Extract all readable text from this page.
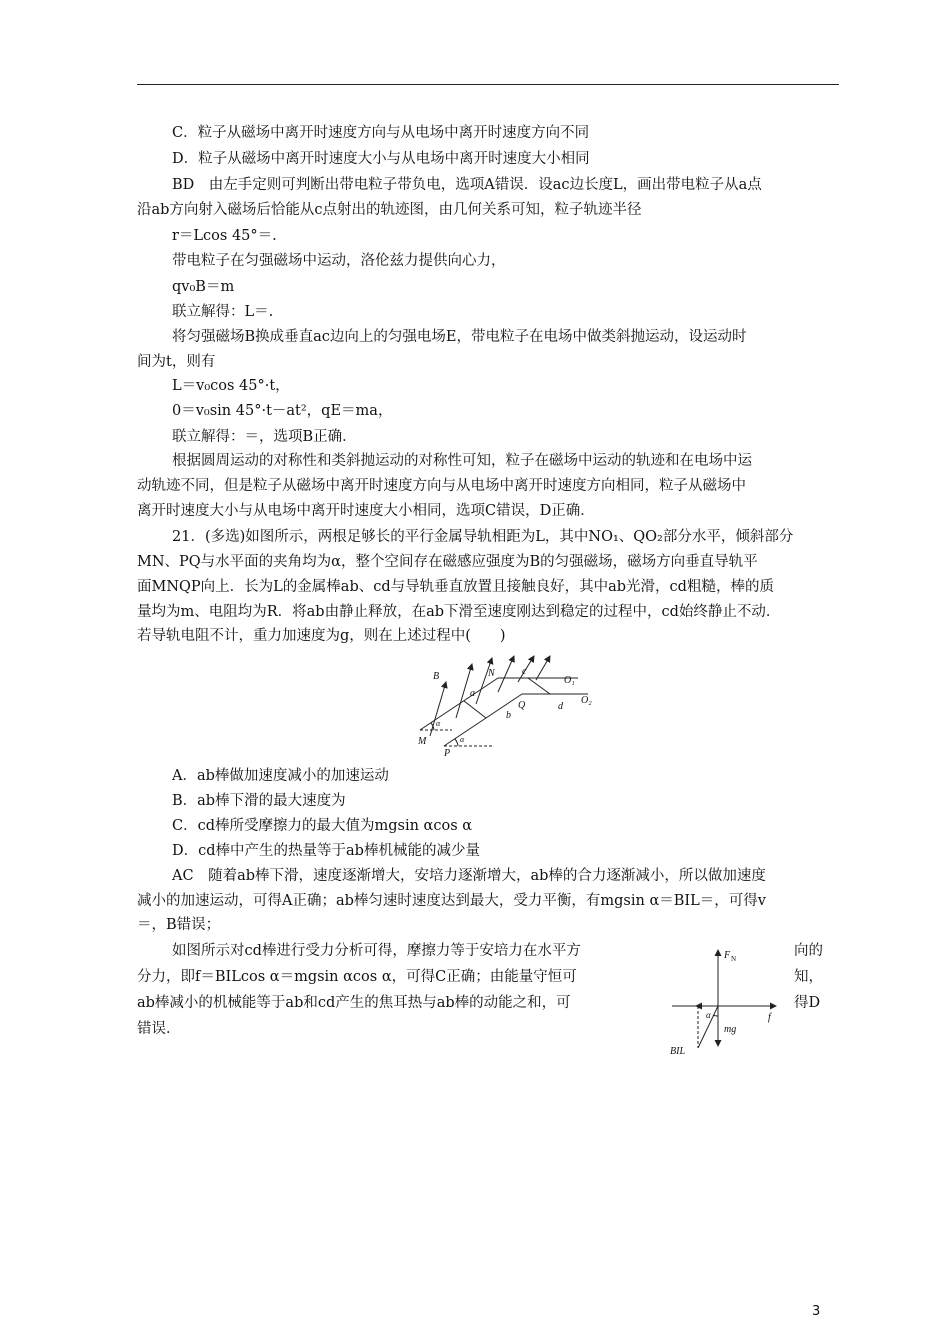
C．粒子从磁场中离开时速度方向与从电场中离开时速度方向不同
D．粒子从磁场中离开时速度大小与从电场中离开时速度大小相同
BD　由左手定则可判断出带电粒子带负电，选项A错误．设ac边长度L，画出带电粒子从a点
沿ab方向射入磁场后恰能从c点射出的轨迹图，由几何关系可知，粒子轨迹半径
r＝Lcos 45°＝.
带电粒子在匀强磁场中运动，洛伦兹力提供向心力，
qv₀B＝m
联立解得：L＝.
将匀强磁场B换成垂直ac边向上的匀强电场E，带电粒子在电场中做类斜抛运动，设运动时
间为t，则有
L＝v₀cos 45°·t，
0＝v₀sin 45°·t－at²，qE＝ma，
联立解得：＝，选项B正确．
根据圆周运动的对称性和类斜抛运动的对称性可知，粒子在磁场中运动的轨迹和在电场中运
动轨迹不同，但是粒子从磁场中离开时速度方向与从电场中离开时速度方向相同，粒子从磁场中
离开时速度大小与从电场中离开时速度大小相同，选项C错误，D正确．
21．(多选)如图所示，两根足够长的平行金属导轨相距为L，其中NO₁、QO₂部分水平，倾斜部分
MN、PQ与水平面的夹角均为α，整个空间存在磁感应强度为B的匀强磁场，磁场方向垂直导轨平
面MNQP向上．长为L的金属棒ab、cd与导轨垂直放置且接触良好，其中ab光滑，cd粗糙，棒的质
量均为m、电阻均为R．将ab由静止释放，在ab下滑至速度刚达到稳定的过程中，cd始终静止不动．
若导轨电阻不计，重力加速度为g，则在上述过程中(　　)
B	N	c
O₁
a
Q	d
O₂
b
M
α
P
α
A．ab棒做加速度减小的加速运动
B．ab棒下滑的最大速度为
C．cd棒所受摩擦力的最大值为mgsin αcos α
D．cd棒中产生的热量等于ab棒机械能的减少量
AC　随着ab棒下滑，速度逐渐增大，安培力逐渐增大，ab棒的合力逐渐减小，所以做加速度
减小的加速运动，可得A正确；ab棒匀速时速度达到最大，受力平衡，有mgsin α＝BIL＝，可得v
＝，B错误；
如图所示对cd棒进行受力分析可得，摩擦力等于安培力在水平方	向的
分力，即f＝BILcos α＝mgsin αcos α，可得C正确；由能量守恒可	知，
ab棒减小的机械能等于ab和cd产生的焦耳热与ab棒的动能之和，可	得D
错误．
F N
α	f
mg
BIL
3
